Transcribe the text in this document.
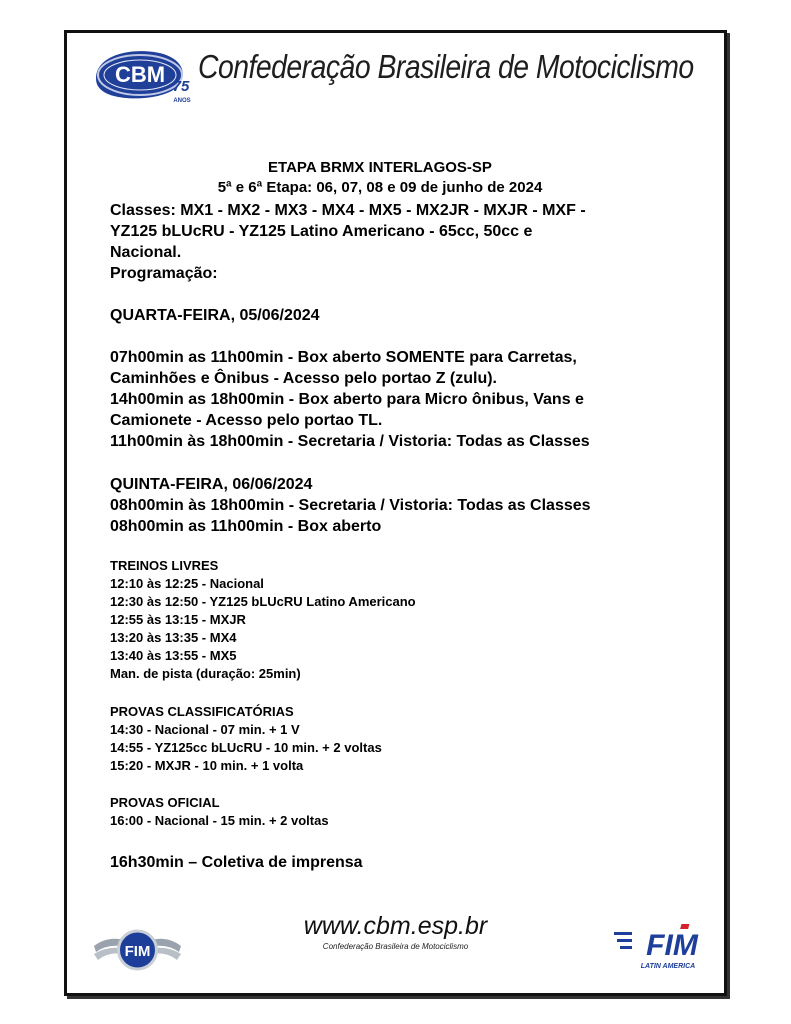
CBM 75
ANOS
Confederação Brasileira de Motociclismo
ETAPA BRMX INTERLAGOS-SP
5ª e 6ª Etapa: 06, 07, 08 e 09 de junho de 2024

Classes: MX1 - MX2 - MX3 - MX4 - MX5 - MX2JR - MXJR - MXF -

YZ125 bLUcRU - YZ125 Latino Americano - 65cc, 50cc e

Nacional.

Programação:

QUARTA-FEIRA, 05/06/2024

07h00min as 11h00min - Box aberto SOMENTE para Carretas,

Caminhões e Ônibus - Acesso pelo portao Z (zulu).

14h00min as 18h00min - Box aberto para Micro ônibus, Vans e

Camionete - Acesso pelo portao TL.

11h00min às 18h00min - Secretaria / Vistoria: Todas as Classes

QUINTA-FEIRA, 06/06/2024

08h00min às 18h00min - Secretaria / Vistoria: Todas as Classes

08h00min as 11h00min - Box aberto

TREINOS LIVRES

12:10 às 12:25 - Nacional

12:30 às 12:50 - YZ125 bLUcRU Latino Americano

12:55 às 13:15 - MXJR

13:20 às 13:35 - MX4

13:40 às 13:55 - MX5

Man. de pista (duração: 25min)

PROVAS CLASSIFICATÓRIAS

14:30 - Nacional - 07 min. + 1 V

14:55 - YZ125cc bLUcRU - 10 min. + 2 voltas

15:20 - MXJR - 10 min. + 1 volta

PROVAS OFICIAL

16:00 - Nacional - 15 min. + 2 voltas

16h30min – Coletiva de imprensa

FIM
www.cbm.esp.br
Confederação Brasileira de Motociclismo	FIM
LATIN AMERICA
